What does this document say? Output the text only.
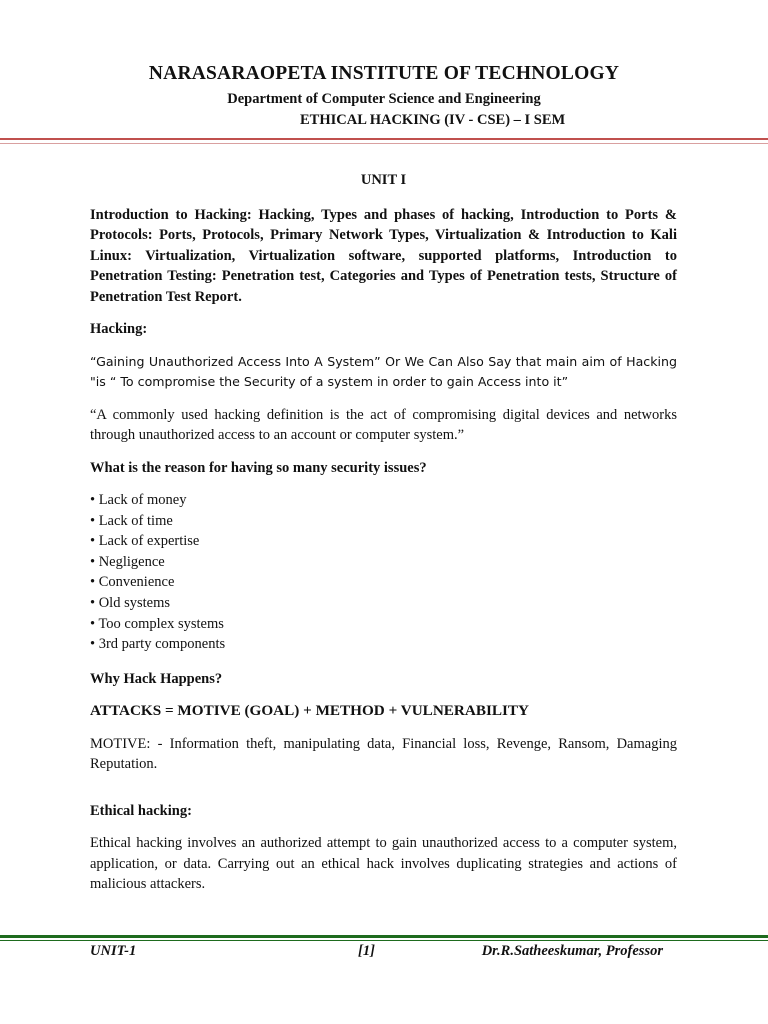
NARASARAOPETA INSTITUTE OF TECHNOLOGY
Department of Computer Science and Engineering
ETHICAL HACKING (IV - CSE) – I SEM
UNIT I
Introduction to Hacking: Hacking, Types and phases of hacking, Introduction to Ports & Protocols: Ports, Protocols, Primary Network Types, Virtualization & Introduction to Kali Linux: Virtualization, Virtualization software, supported platforms, Introduction to Penetration Testing: Penetration test, Categories and Types of Penetration tests, Structure of Penetration Test Report.
Hacking:

“Gaining Unauthorized Access Into A System” Or We Can Also Say that main aim of Hacking "is “ To compromise the Security of a system in order to gain Access into it”

“A commonly used hacking definition is the act of compromising digital devices and networks through unauthorized access to an account or computer system.”

What is the reason for having so many security issues?
• Lack of money
• Lack of time
• Lack of expertise
• Negligence
• Convenience
• Old systems
• Too complex systems
• 3rd party components
Why Hack Happens?
ATTACKS = MOTIVE (GOAL) + METHOD + VULNERABILITY

MOTIVE: - Information theft, manipulating data, Financial loss, Revenge, Ransom, Damaging Reputation.

Ethical hacking:

Ethical hacking involves an authorized attempt to gain unauthorized access to a computer system, application, or data. Carrying out an ethical hack involves duplicating strategies and actions of malicious attackers.

UNIT-1	[1]	Dr.R.Satheeskumar, Professor
